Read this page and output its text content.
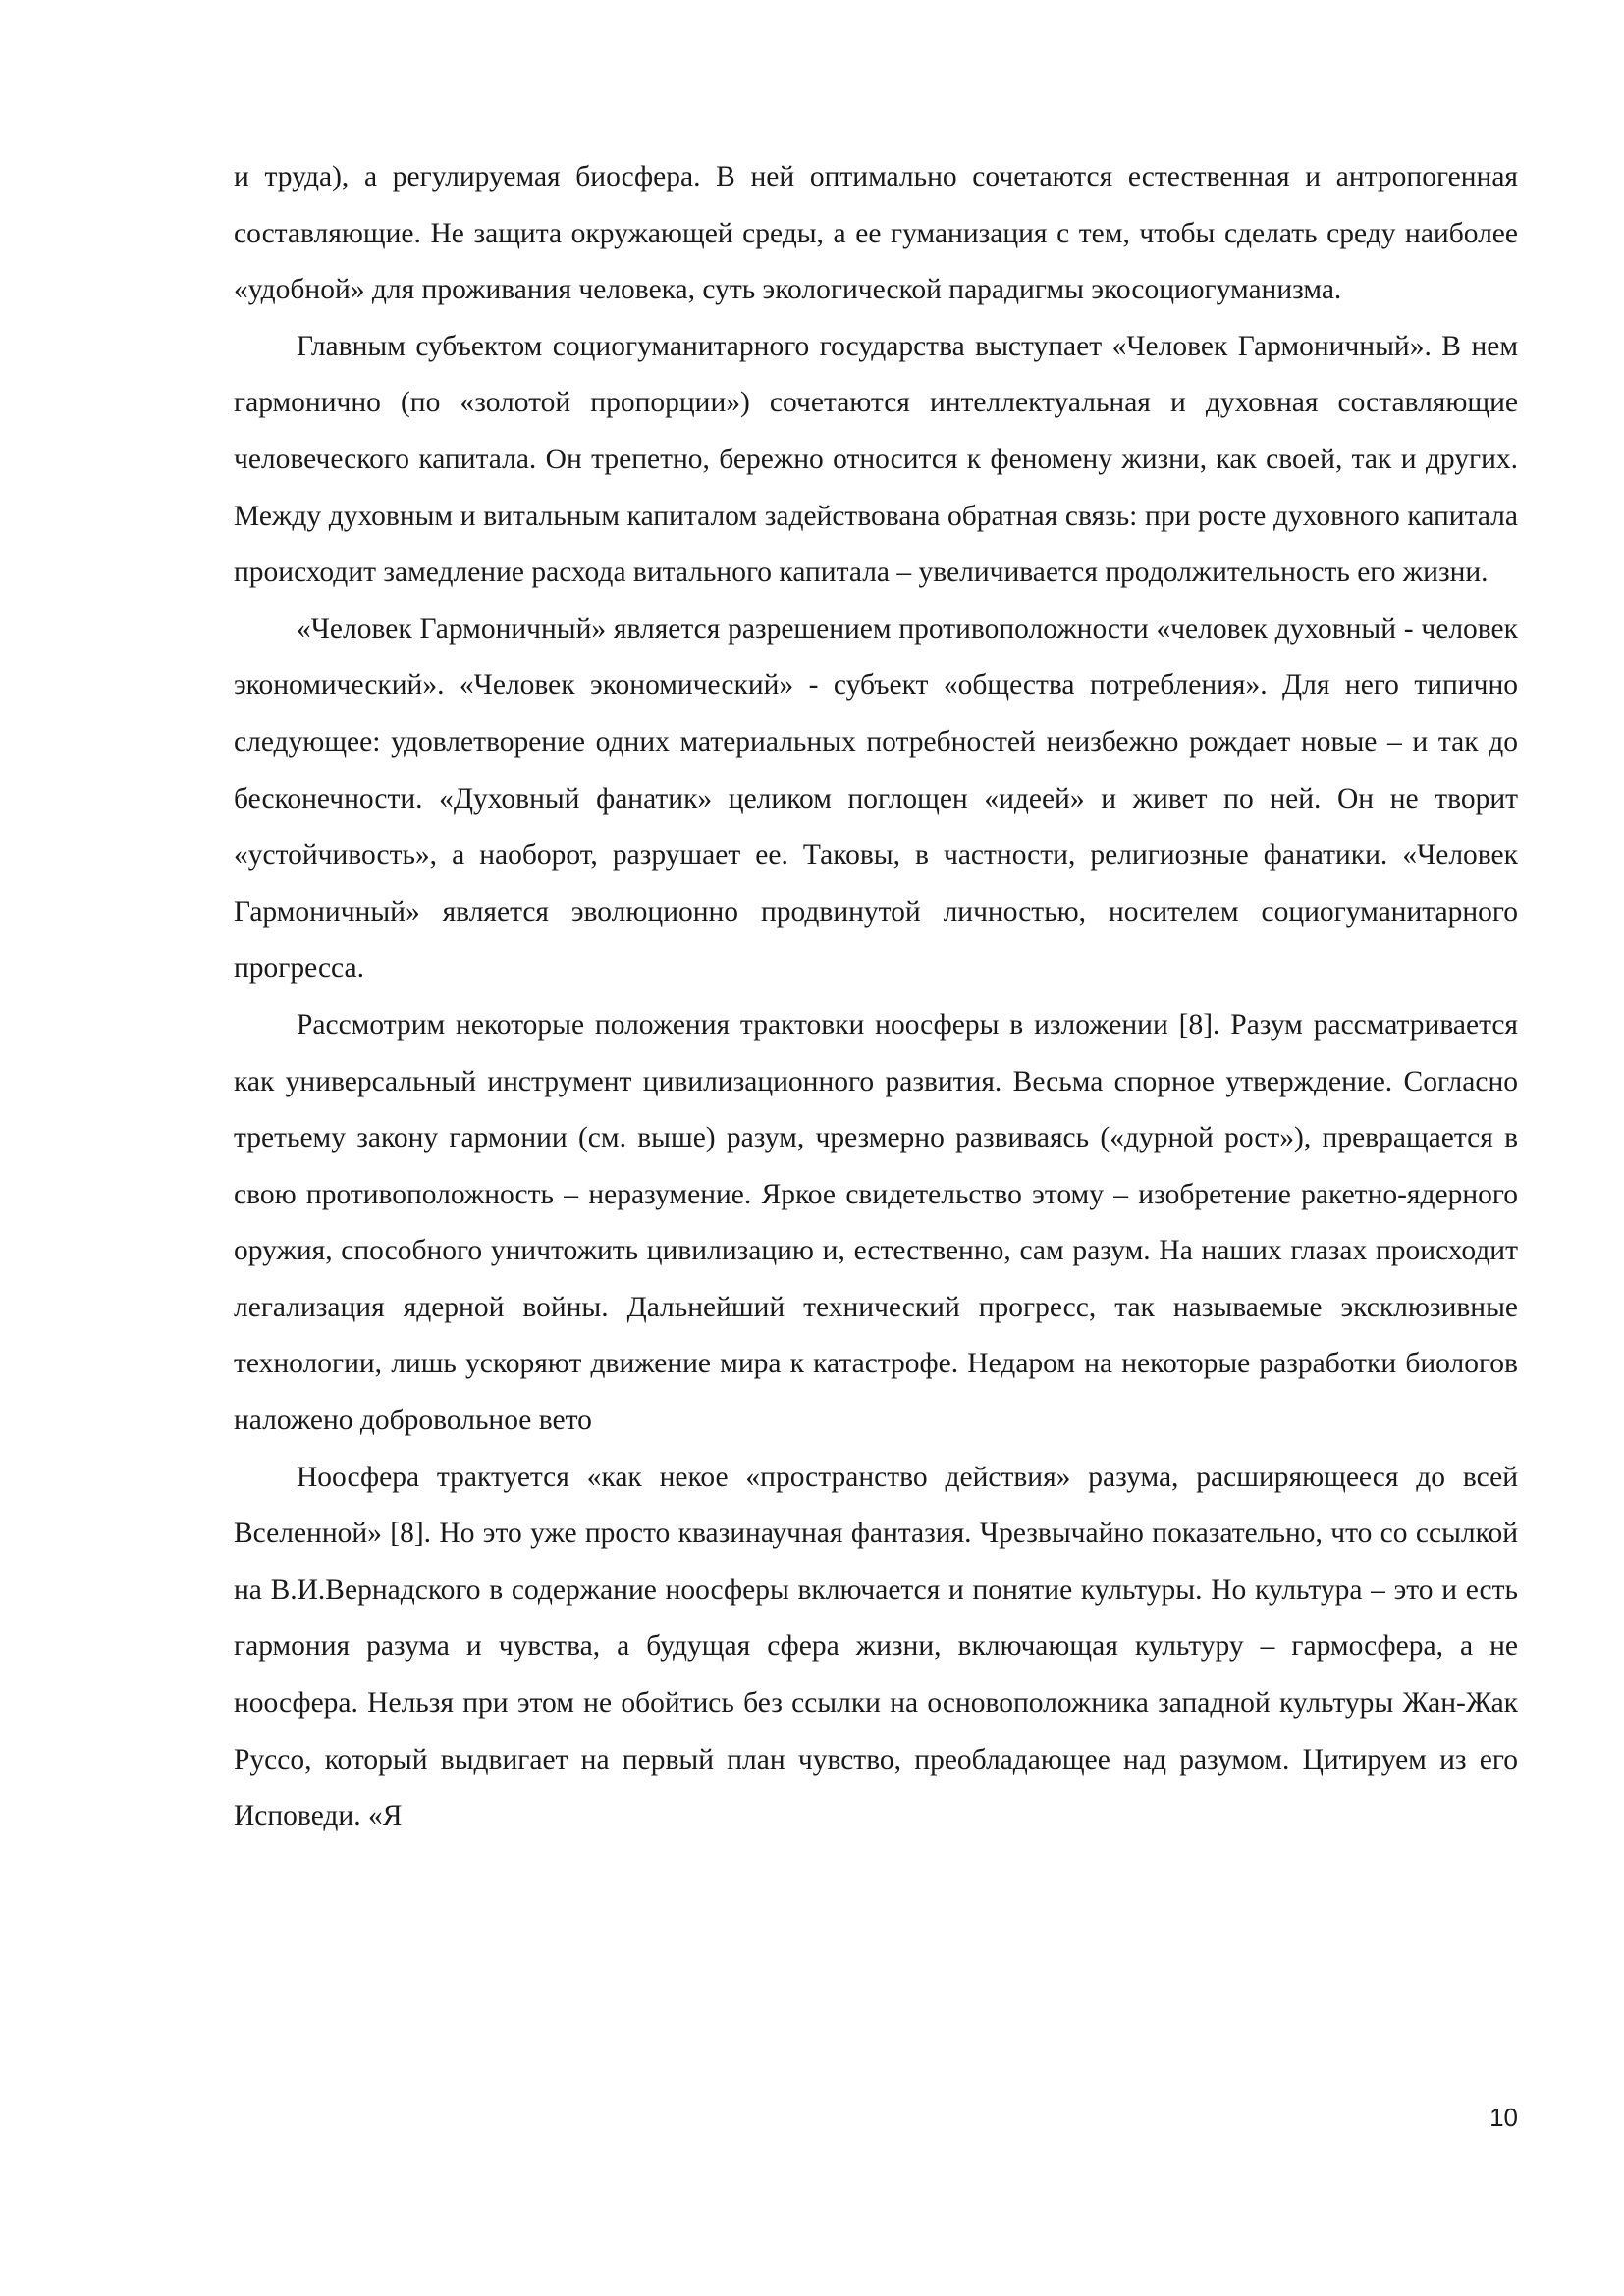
и труда), а регулируемая биосфера. В ней оптимально сочетаются естественная и антропогенная составляющие. Не защита окружающей среды, а ее гуманизация с тем, чтобы сделать среду наиболее «удобной» для проживания человека, суть экологической парадигмы экосоциогуманизма.

Главным субъектом социогуманитарного государства выступает «Человек Гармоничный». В нем гармонично (по «золотой пропорции») сочетаются интеллектуальная и духовная составляющие человеческого капитала. Он трепетно, бережно относится к феномену жизни, как своей, так и других. Между духовным и витальным капиталом задействована обратная связь: при росте духовного капитала происходит замедление расхода витального капитала – увеличивается продолжительность его жизни.

«Человек Гармоничный» является разрешением противоположности «человек духовный - человек экономический». «Человек экономический» - субъект «общества потребления». Для него типично следующее: удовлетворение одних материальных потребностей неизбежно рождает новые – и так до бесконечности. «Духовный фанатик» целиком поглощен «идеей» и живет по ней. Он не творит «устойчивость», а наоборот, разрушает ее. Таковы, в частности, религиозные фанатики. «Человек Гармоничный» является эволюционно продвинутой личностью, носителем социогуманитарного прогресса.

Рассмотрим некоторые положения трактовки ноосферы в изложении [8]. Разум рассматривается как универсальный инструмент цивилизационного развития. Весьма спорное утверждение. Согласно третьему закону гармонии (см. выше) разум, чрезмерно развиваясь («дурной рост»), превращается в свою противоположность – неразумение. Яркое свидетельство этому – изобретение ракетно-ядерного оружия, способного уничтожить цивилизацию и, естественно, сам разум. На наших глазах происходит легализация ядерной войны. Дальнейший технический прогресс, так называемые эксклюзивные технологии, лишь ускоряют движение мира к катастрофе. Недаром на некоторые разработки биологов наложено добровольное вето

Ноосфера трактуется «как некое «пространство действия» разума, расширяющееся до всей Вселенной» [8]. Но это уже просто квазинаучная фантазия. Чрезвычайно показательно, что со ссылкой на В.И.Вернадского в содержание ноосферы включается и понятие культуры. Но культура – это и есть гармония разума и чувства, а будущая сфера жизни, включающая культуру – гармосфера, а не ноосфера. Нельзя при этом не обойтись без ссылки на основоположника западной культуры Жан-Жак Руссо, который выдвигает на первый план чувство, преобладающее над разумом. Цитируем из его Исповеди. «Я

10
